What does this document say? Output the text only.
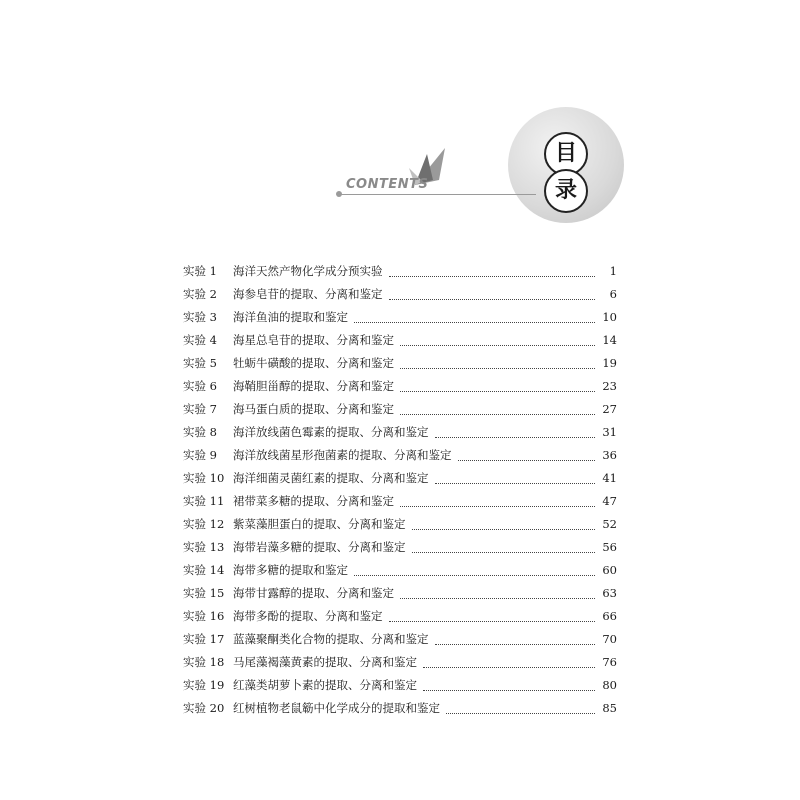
目
录
CONTENTS
实验 1	海洋天然产物化学成分预实验	1
实验 2	海参皂苷的提取、分离和鉴定	6
实验 3	海洋鱼油的提取和鉴定	10
实验 4	海星总皂苷的提取、分离和鉴定	14
实验 5	牡蛎牛磺酸的提取、分离和鉴定	19
实验 6	海鞘胆甾醇的提取、分离和鉴定	23
实验 7	海马蛋白质的提取、分离和鉴定	27
实验 8	海洋放线菌色霉素的提取、分离和鉴定	31
实验 9	海洋放线菌星形孢菌素的提取、分离和鉴定	36
实验 10 海洋细菌灵菌红素的提取、分离和鉴定	41
实验 11 裙带菜多糖的提取、分离和鉴定	47
实验 12 紫菜藻胆蛋白的提取、分离和鉴定	52
实验 13 海带岩藻多糖的提取、分离和鉴定	56
实验 14 海带多糖的提取和鉴定	60
实验 15 海带甘露醇的提取、分离和鉴定	63
实验 16 海带多酚的提取、分离和鉴定	66
实验 17 蓝藻聚酮类化合物的提取、分离和鉴定	70
实验 18 马尾藻褐藻黄素的提取、分离和鉴定	76
实验 19 红藻类胡萝卜素的提取、分离和鉴定	80
实验 20 红树植物老鼠簕中化学成分的提取和鉴定	85
